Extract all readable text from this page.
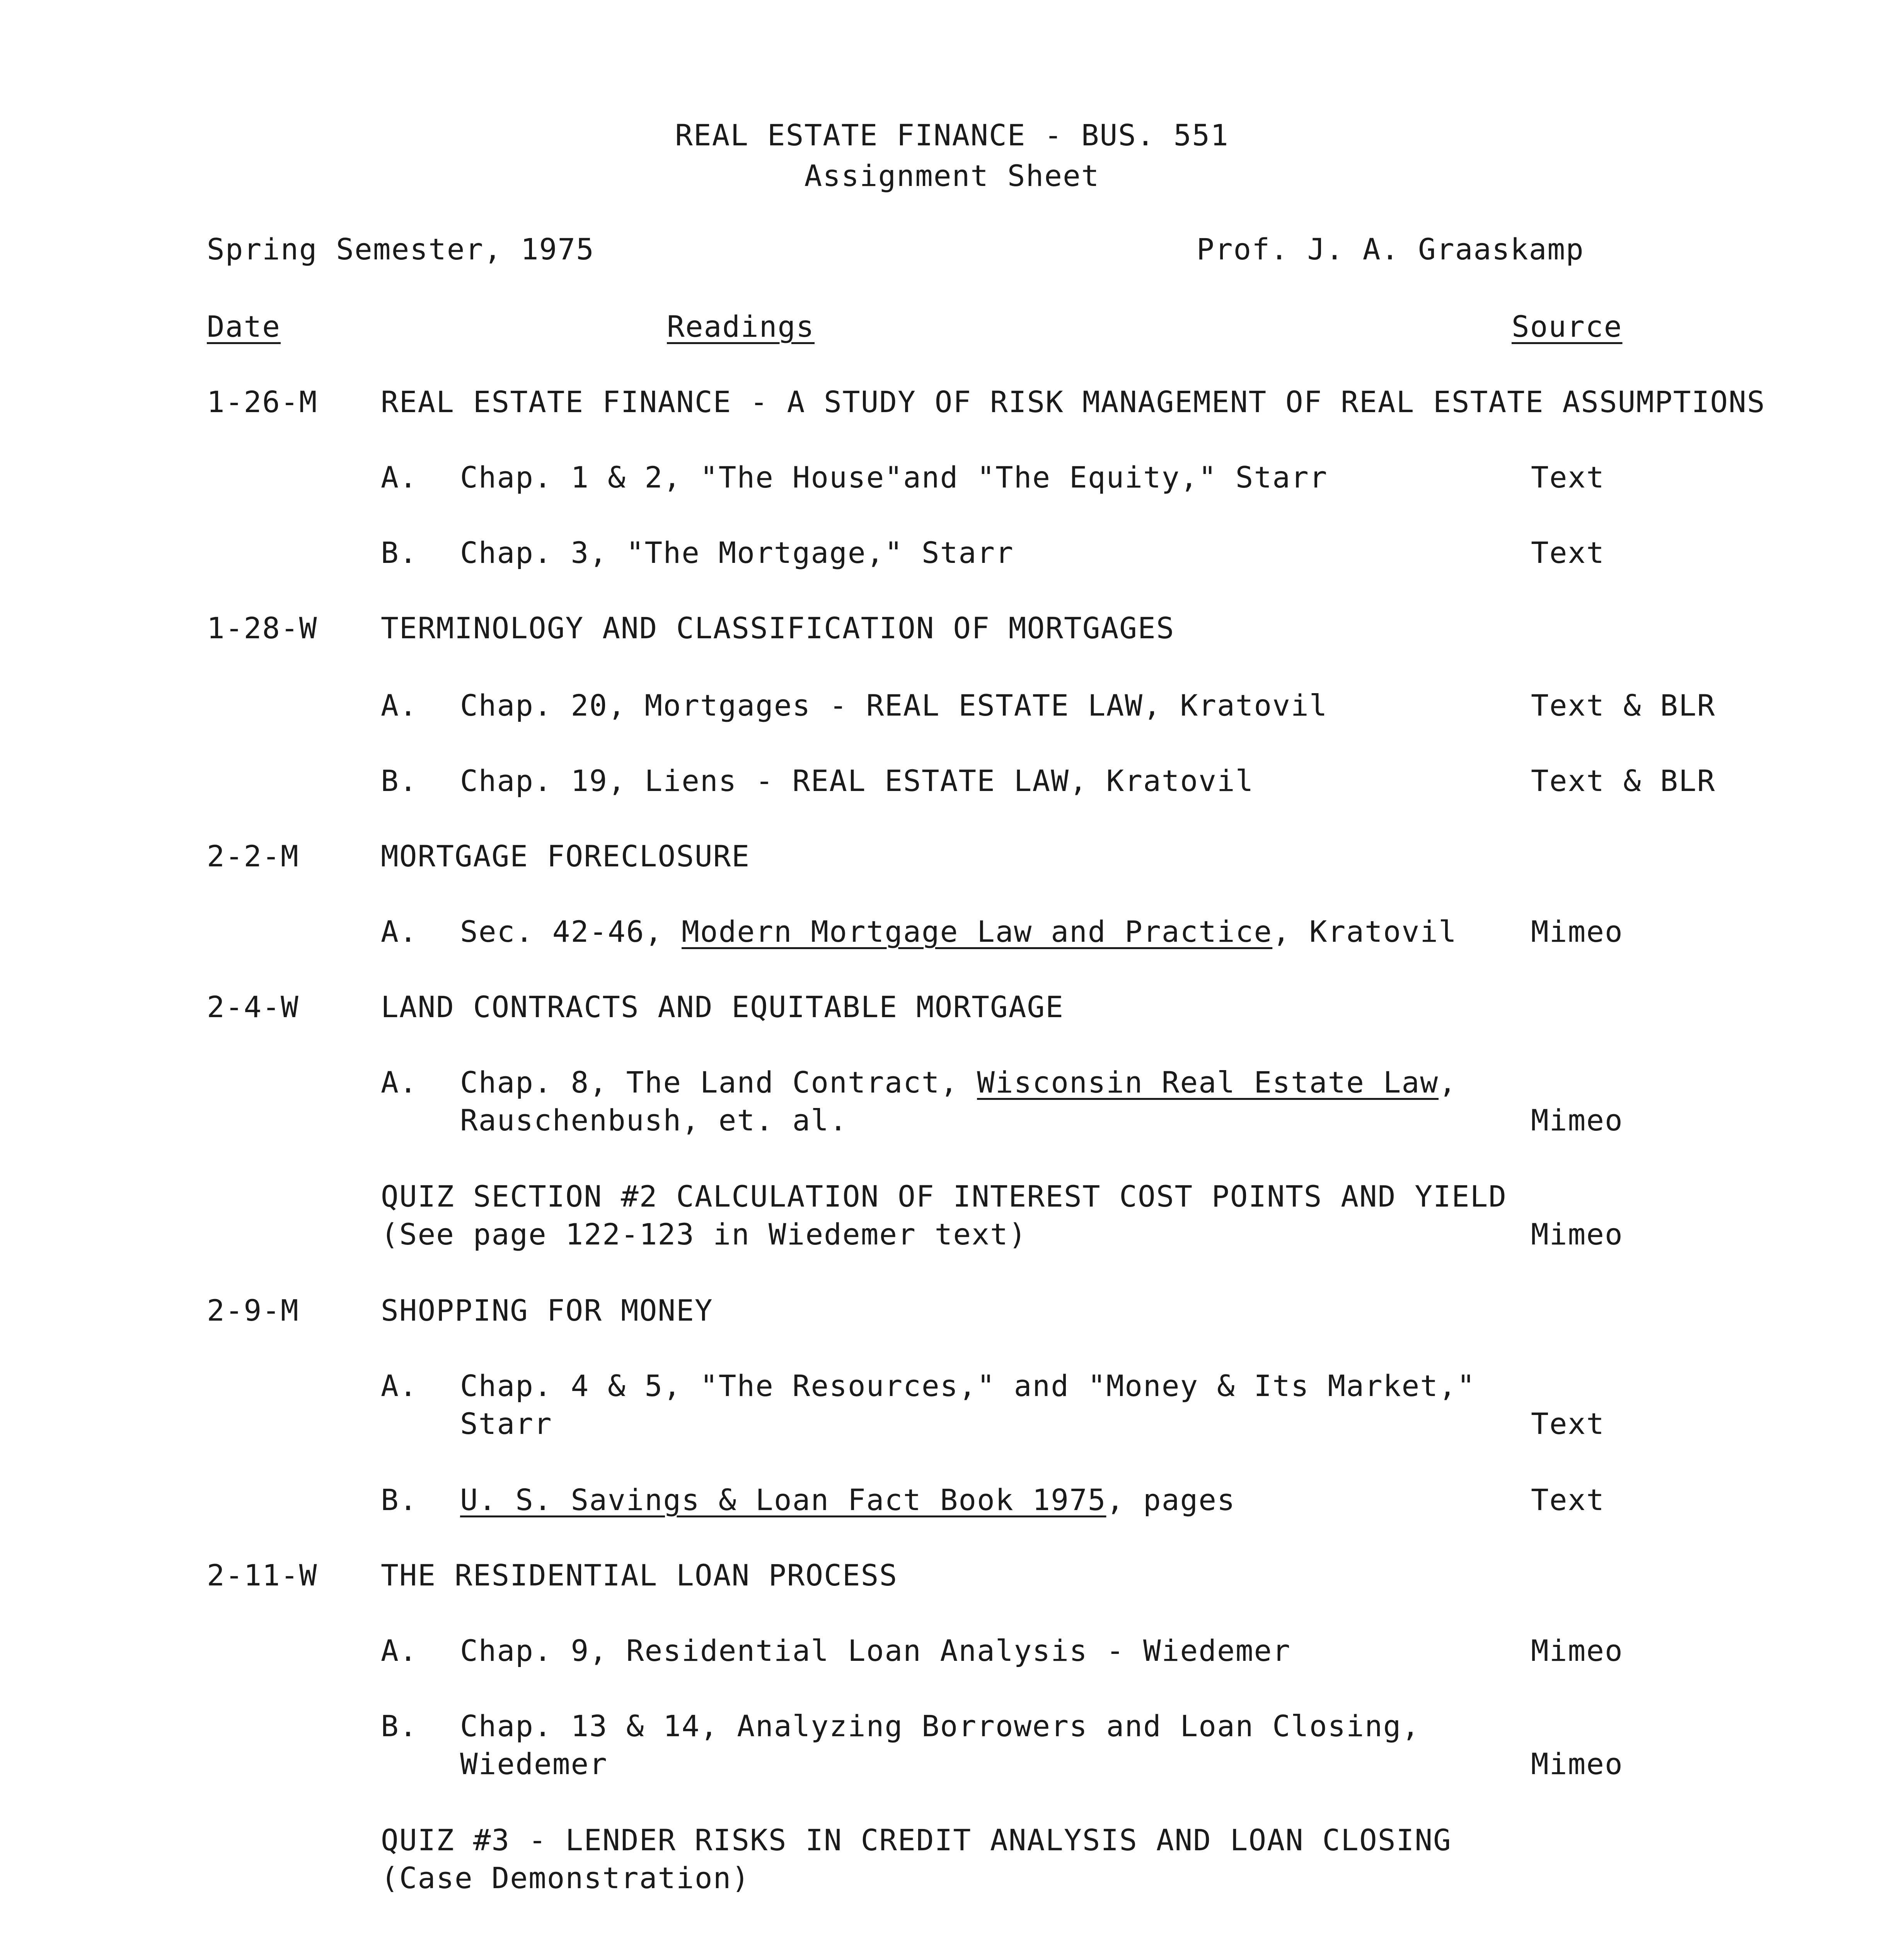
REAL ESTATE FINANCE - BUS. 551
Assignment Sheet
Spring Semester, 1975	Prof. J. A. Graaskamp
Date	Readings	Source
1-26-M REAL ESTATE FINANCE - A STUDY OF RISK MANAGEMENT OF REAL ESTATE ASSUMPTIONS
A. Chap. 1 & 2, "The House"and "The Equity," Starr	Text
B. Chap. 3, "The Mortgage," Starr	Text
1-28-W TERMINOLOGY AND CLASSIFICATION OF MORTGAGES
A. Chap. 20, Mortgages - REAL ESTATE LAW, Kratovil	Text & BLR
B. Chap. 19, Liens - REAL ESTATE LAW, Kratovil	Text & BLR
2-2-M	MORTGAGE FORECLOSURE
A. Sec. 42-46, Modern Mortgage Law and Practice, Kratovil	Mimeo
2-4-W	LAND CONTRACTS AND EQUITABLE MORTGAGE
A. Chap. 8, The Land Contract, Wisconsin Real Estate Law,
Rauschenbush, et. al.	Mimeo
QUIZ SECTION #2 CALCULATION OF INTEREST COST POINTS AND YIELD
(See page 122-123 in Wiedemer text)	Mimeo
2-9-M	SHOPPING FOR MONEY
A. Chap. 4 & 5, "The Resources," and "Money & Its Market,"
Starr	Text
B. U. S. Savings & Loan Fact Book 1975, pages	Text
2-11-W THE RESIDENTIAL LOAN PROCESS
A. Chap. 9, Residential Loan Analysis - Wiedemer	Mimeo
B. Chap. 13 & 14, Analyzing Borrowers and Loan Closing,
Wiedemer	Mimeo
QUIZ #3 - LENDER RISKS IN CREDIT ANALYSIS AND LOAN CLOSING
(Case Demonstration)
